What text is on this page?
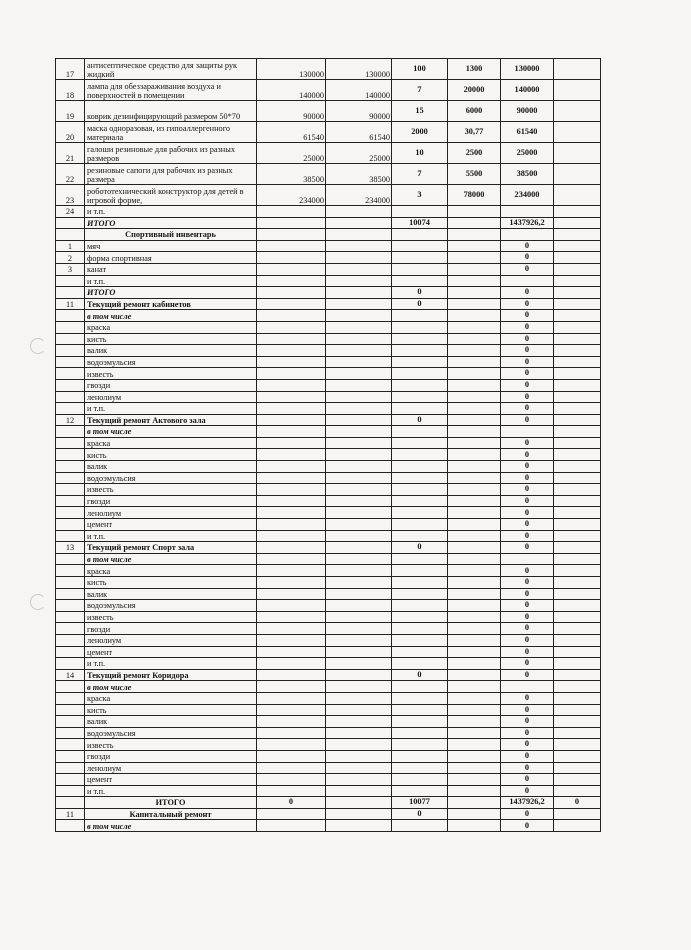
17	антисептическое средство для защиты рук жидкий	130000	130000	100	1300	130000	
18	лампа для обеззараживания воздуха и поверхностей в помещении	140000	140000	7	20000	140000	
19	коврик дезинфицирующий размером 50*70	90000	90000	15	6000	90000	
20	маска одноразовая, из гипоаллергенного материала	61540	61540	2000	30,77	61540	
21	галоши резиновые для рабочих из разных размеров	25000	25000	10	2500	25000	
22	резиновые сапоги для рабочих из разных размера	38500	38500	7	5500	38500	
23	робототехнический конструктор для детей в игровой форме,	234000	234000	3	78000	234000	
24	и т.п.						
	ИТОГО			10074		1437926,2	
	Спортивный инвентарь						
1	мяч					0	
2	форма спортивная					0	
3	канат					0	
	и т.п.						
	ИТОГО			0		0	
11	Текущий ремонт кабинетов			0		0	
	в том числе					0	
	краска					0	
	кисть					0	
	валик					0	
	водоэмульсия					0	
	известь					0	
	гвозди					0	
	ленолиум					0	
	и т.п.					0	
12	Текущий ремонт Актового зала			0		0	
	в том числе						
	краска					0	
	кисть					0	
	валик					0	
	водоэмульсия					0	
	известь					0	
	гвозди					0	
	ленолиум					0	
	цемент					0	
	и т.п.					0	
13	Текущий ремонт Спорт зала			0		0	
	в том числе						
	краска					0	
	кисть					0	
	валик					0	
	водоэмульсия					0	
	известь					0	
	гвозди					0	
	ленолиум					0	
	цемент					0	
	и т.п.					0	
14	Текущий ремонт Коридора			0		0	
	в том числе						
	краска					0	
	кисть					0	
	валик					0	
	водоэмульсия					0	
	известь					0	
	гвозди					0	
	ленолиум					0	
	цемент					0	
	и т.п.					0	
	ИТОГО	0		10077		1437926,2	0
11	Капитальный ремонт			0		0	
	в том числе					0	
